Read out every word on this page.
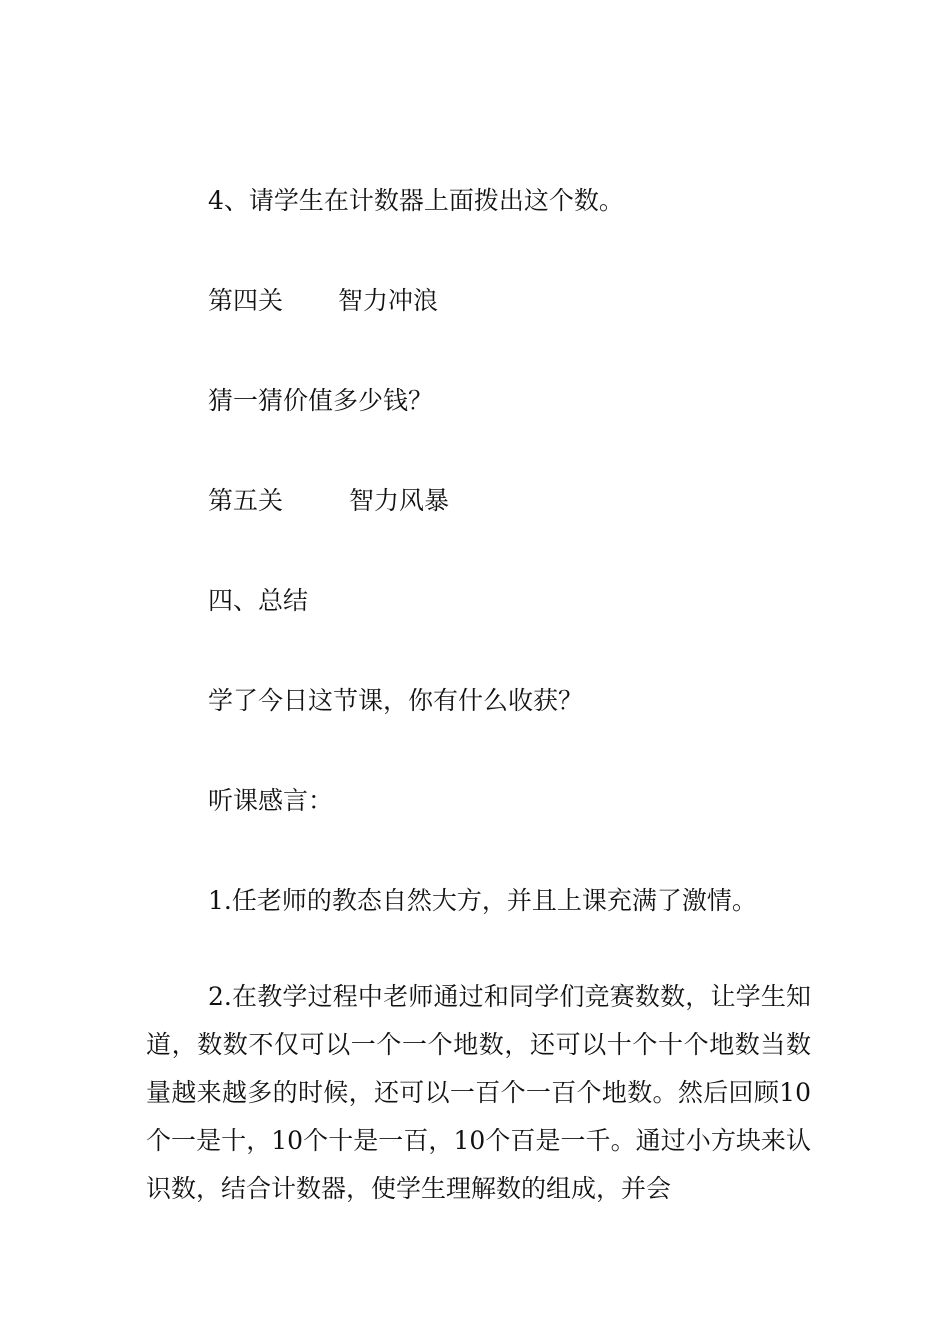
4、请学生在计数器上面拨出这个数。
第四关 智力冲浪
猜一猜价值多少钱？
第五关	智力风暴
四、总结
学了今日这节课，你有什么收获？
听课感言：
1.任老师的教态自然大方，并且上课充满了激情。

2.在教学过程中老师通过和同学们竞赛数数，让学生知道，数数不仅可以一个一个地数，还可以十个十个地数当数量越来越多的时候，还可以一百个一百个地数。然后回顾10个一是十，10个十是一百，10个百是一千。通过小方块来认识数，结合计数器，使学生理解数的组成，并会
